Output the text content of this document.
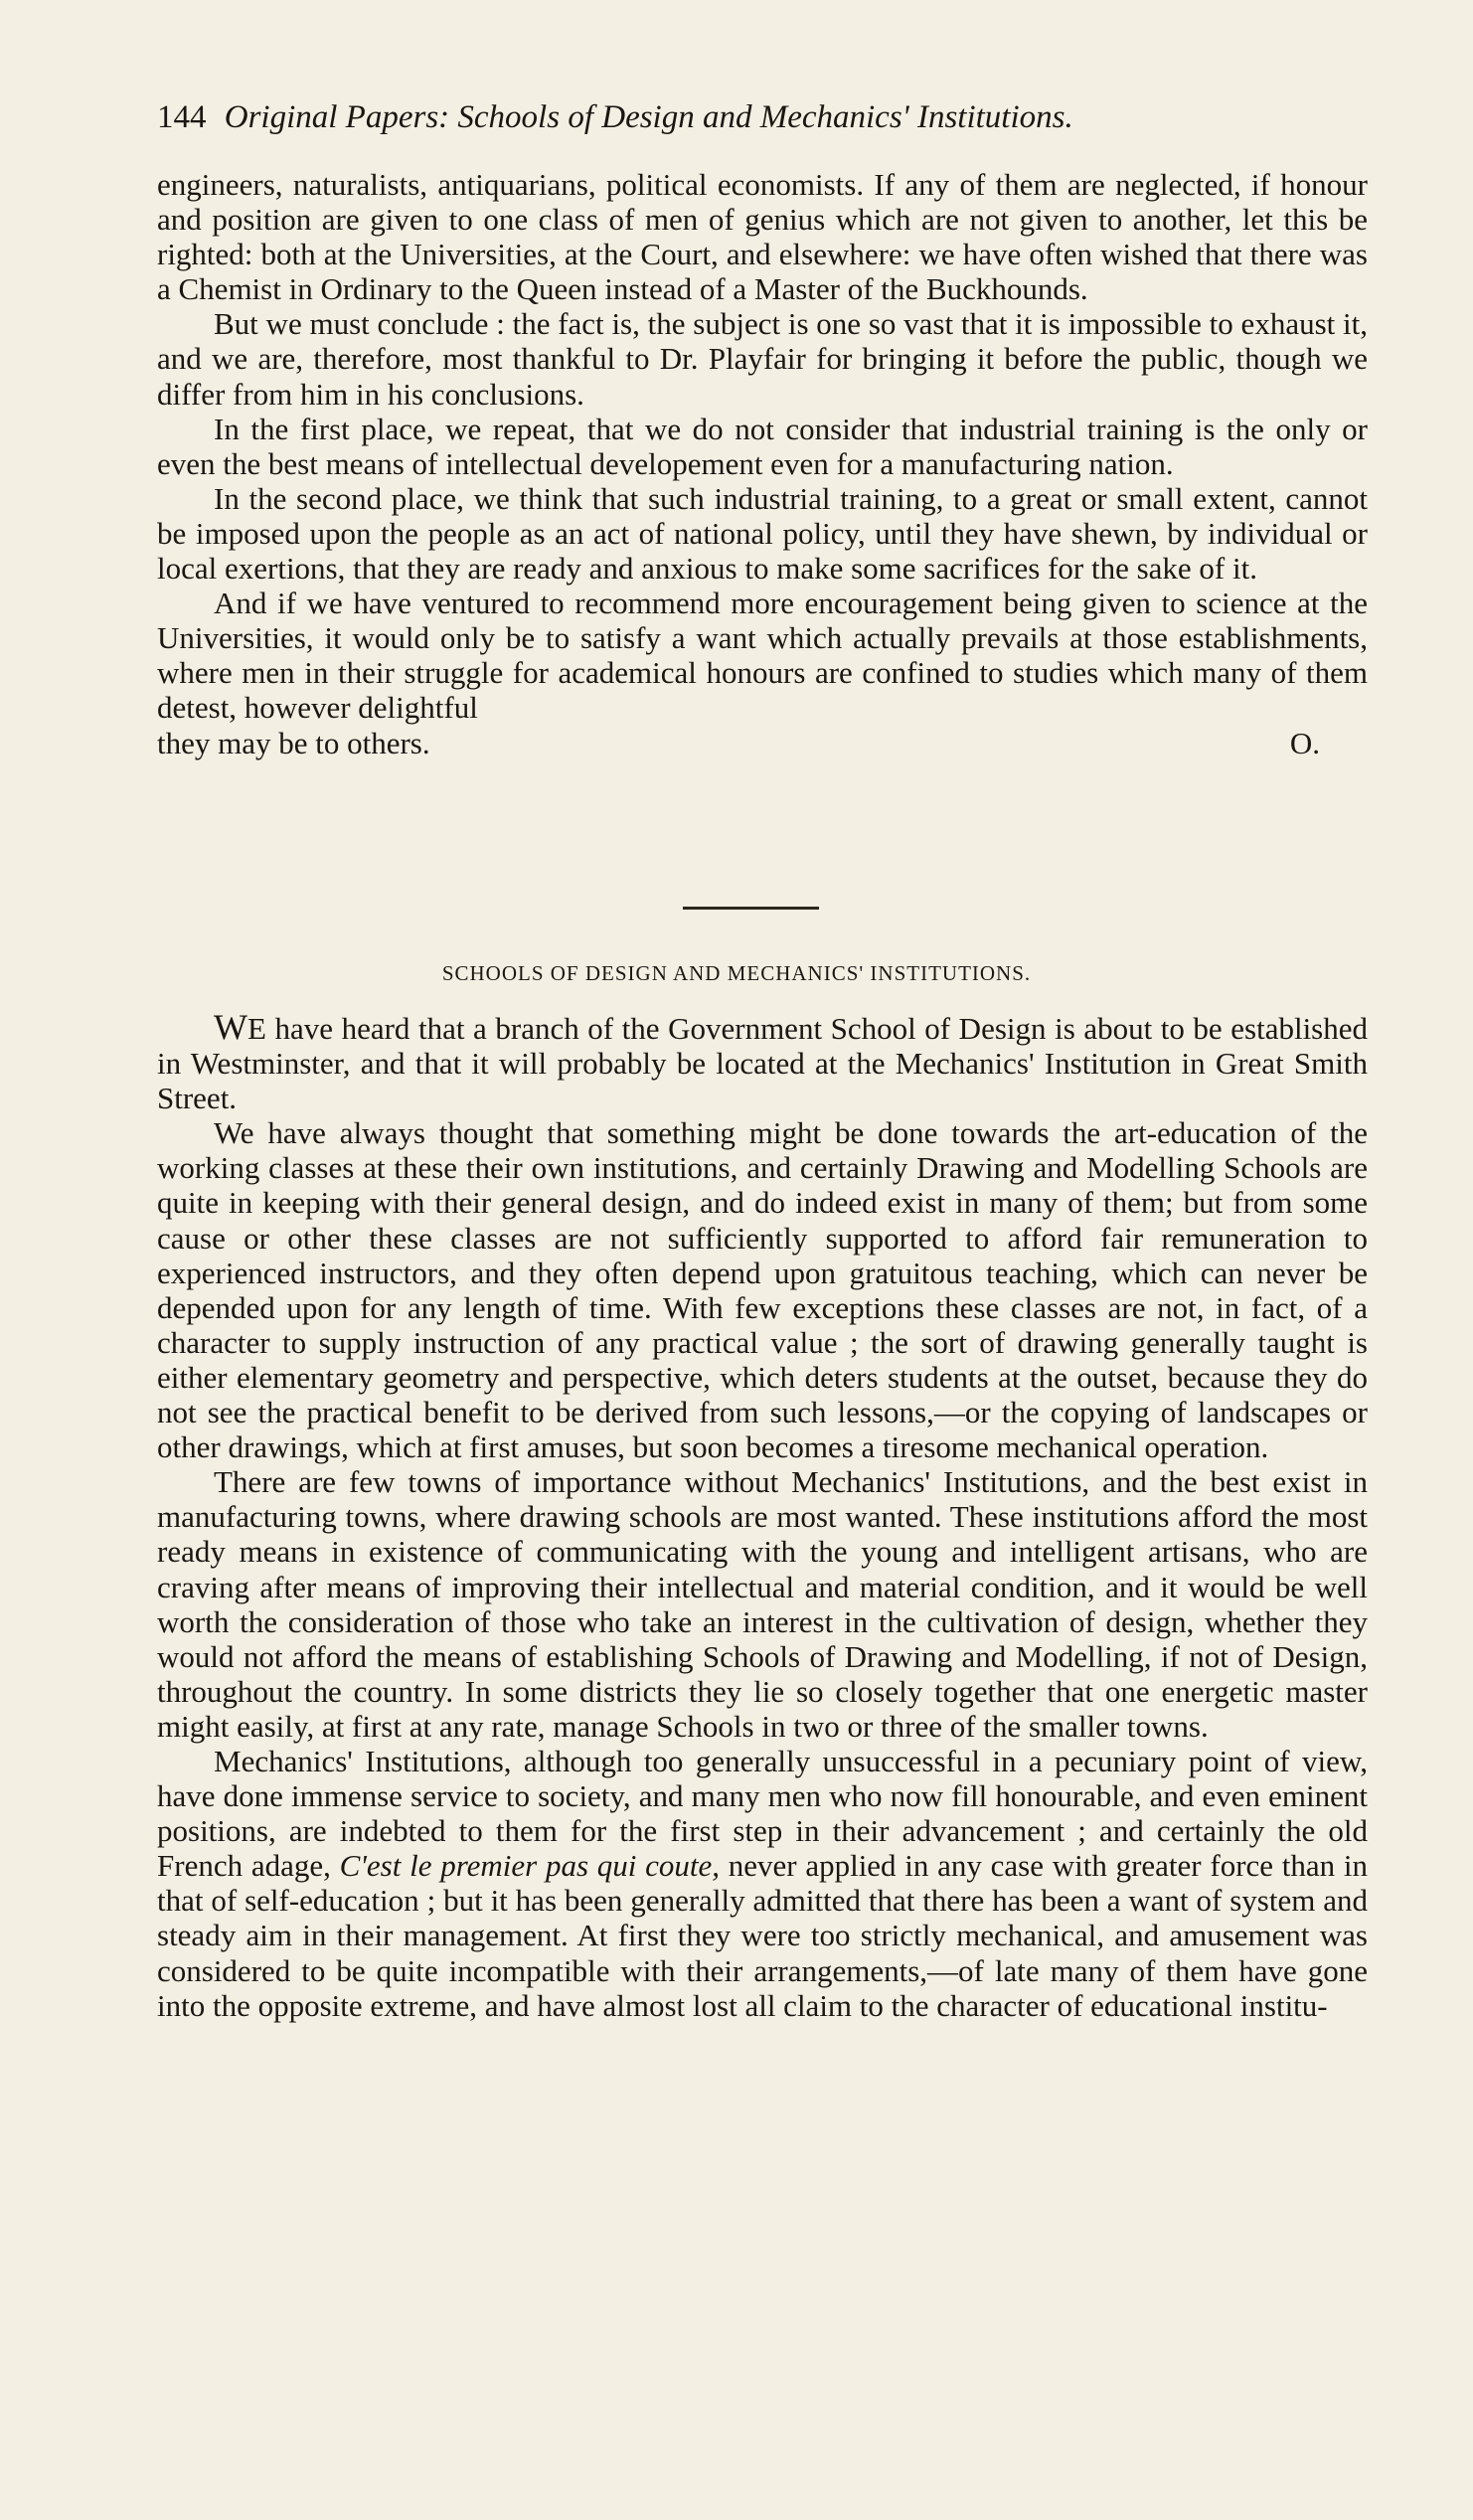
144 Original Papers: Schools of Design and Mechanics' Institutions.

engineers, naturalists, antiquarians, political economists. If any of them are neglected, if honour and position are given to one class of men of genius which are not given to another, let this be righted: both at the Universities, at the Court, and elsewhere: we have often wished that there was a Chemist in Ordinary to the Queen instead of a Master of the Buckhounds.

But we must conclude : the fact is, the subject is one so vast that it is impossible to exhaust it, and we are, therefore, most thankful to Dr. Playfair for bringing it before the public, though we differ from him in his conclusions.

In the first place, we repeat, that we do not consider that industrial training is the only or even the best means of intellectual developement even for a manufacturing nation.

In the second place, we think that such industrial training, to a great or small extent, cannot be imposed upon the people as an act of national policy, until they have shewn, by individual or local exertions, that they are ready and anxious to make some sacrifices for the sake of it.

And if we have ventured to recommend more encouragement being given to science at the Universities, it would only be to satisfy a want which actually prevails at those establishments, where men in their struggle for academical honours are confined to studies which many of them detest, however delightful

they may be to others.	O.
SCHOOLS OF DESIGN AND MECHANICS' INSTITUTIONS.

WE have heard that a branch of the Government School of Design is about to be established in Westminster, and that it will probably be located at the Mechanics' Institution in Great Smith Street.

We have always thought that something might be done towards the art-education of the working classes at these their own institutions, and certainly Drawing and Modelling Schools are quite in keeping with their general design, and do indeed exist in many of them; but from some cause or other these classes are not sufficiently supported to afford fair remuneration to experienced instructors, and they often depend upon gratuitous teaching, which can never be depended upon for any length of time. With few exceptions these classes are not, in fact, of a character to supply instruction of any practical value ; the sort of drawing generally taught is either elementary geometry and perspective, which deters students at the outset, because they do not see the practical benefit to be derived from such lessons,—or the copying of landscapes or other drawings, which at first amuses, but soon becomes a tiresome mechanical operation.

There are few towns of importance without Mechanics' Institutions, and the best exist in manufacturing towns, where drawing schools are most wanted. These institutions afford the most ready means in existence of communicating with the young and intelligent artisans, who are craving after means of improving their intellectual and material condition, and it would be well worth the consideration of those who take an interest in the cultivation of design, whether they would not afford the means of establishing Schools of Drawing and Modelling, if not of Design, throughout the country. In some districts they lie so closely together that one energetic master might easily, at first at any rate, manage Schools in two or three of the smaller towns.

Mechanics' Institutions, although too generally unsuccessful in a pecuniary point of view, have done immense service to society, and many men who now fill honourable, and even eminent positions, are indebted to them for the first step in their advancement ; and certainly the old French adage, C'est le premier pas qui coute, never applied in any case with greater force than in that of self-education ; but it has been generally admitted that there has been a want of system and steady aim in their management. At first they were too strictly mechanical, and amusement was considered to be quite incompatible with their arrangements,—of late many of them have gone into the opposite extreme, and have almost lost all claim to the character of educational institu-
